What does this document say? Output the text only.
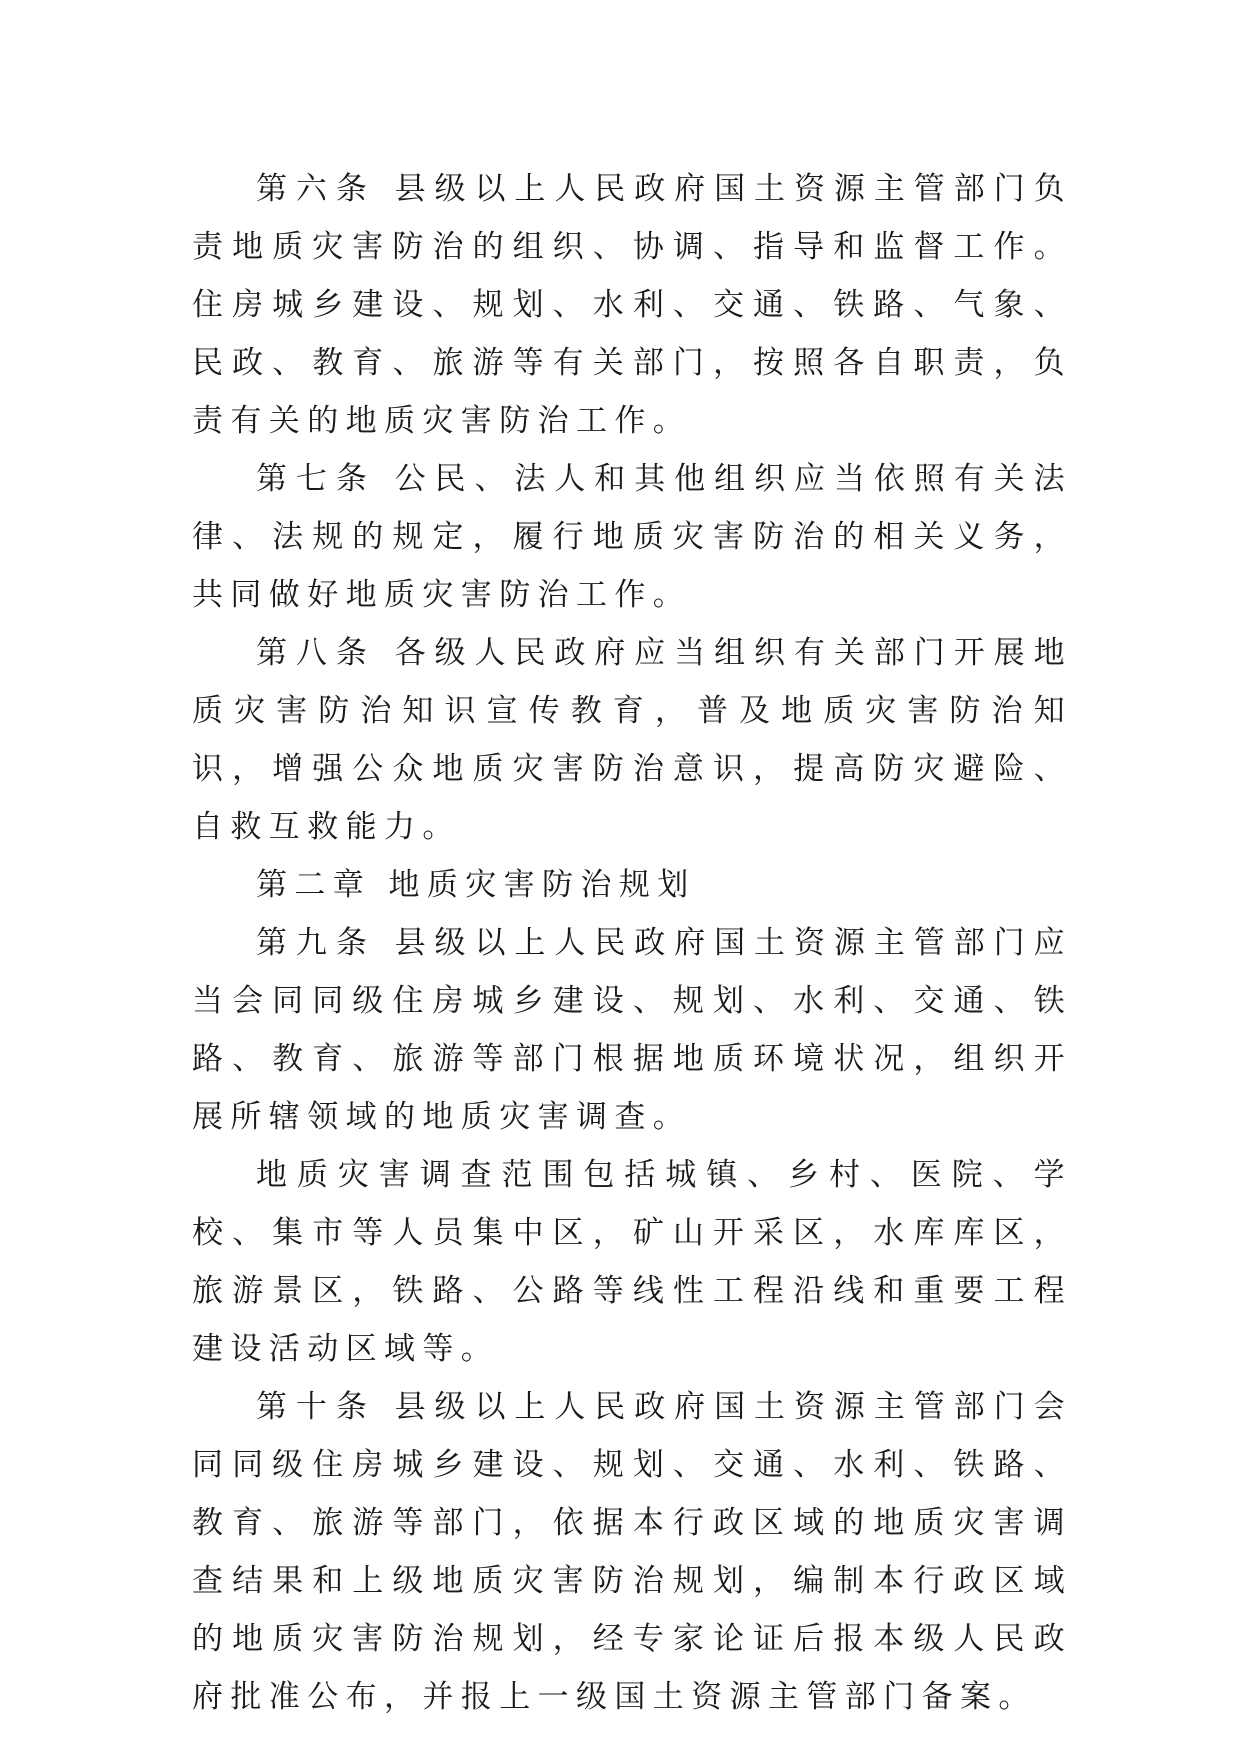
第六条 县级以上人民政府国土资源主管部门负责地质灾害防治的组织、协调、指导和监督工作。住房城乡建设、规划、水利、交通、铁路、气象、民政、教育、旅游等有关部门，按照各自职责，负责有关的地质灾害防治工作。

第七条 公民、法人和其他组织应当依照有关法律、法规的规定，履行地质灾害防治的相关义务，共同做好地质灾害防治工作。

第八条 各级人民政府应当组织有关部门开展地质灾害防治知识宣传教育，普及地质灾害防治知识，增强公众地质灾害防治意识，提高防灾避险、自救互救能力。

第二章 地质灾害防治规划

第九条 县级以上人民政府国土资源主管部门应当会同同级住房城乡建设、规划、水利、交通、铁路、教育、旅游等部门根据地质环境状况，组织开展所辖领域的地质灾害调查。

地质灾害调查范围包括城镇、乡村、医院、学校、集市等人员集中区，矿山开采区，水库库区，旅游景区，铁路、公路等线性工程沿线和重要工程建设活动区域等。

第十条 县级以上人民政府国土资源主管部门会同同级住房城乡建设、规划、交通、水利、铁路、教育、旅游等部门，依据本行政区域的地质灾害调查结果和上级地质灾害防治规划，编制本行政区域的地质灾害防治规划，经专家论证后报本级人民政府批准公布，并报上一级国土资源主管部门备案。
